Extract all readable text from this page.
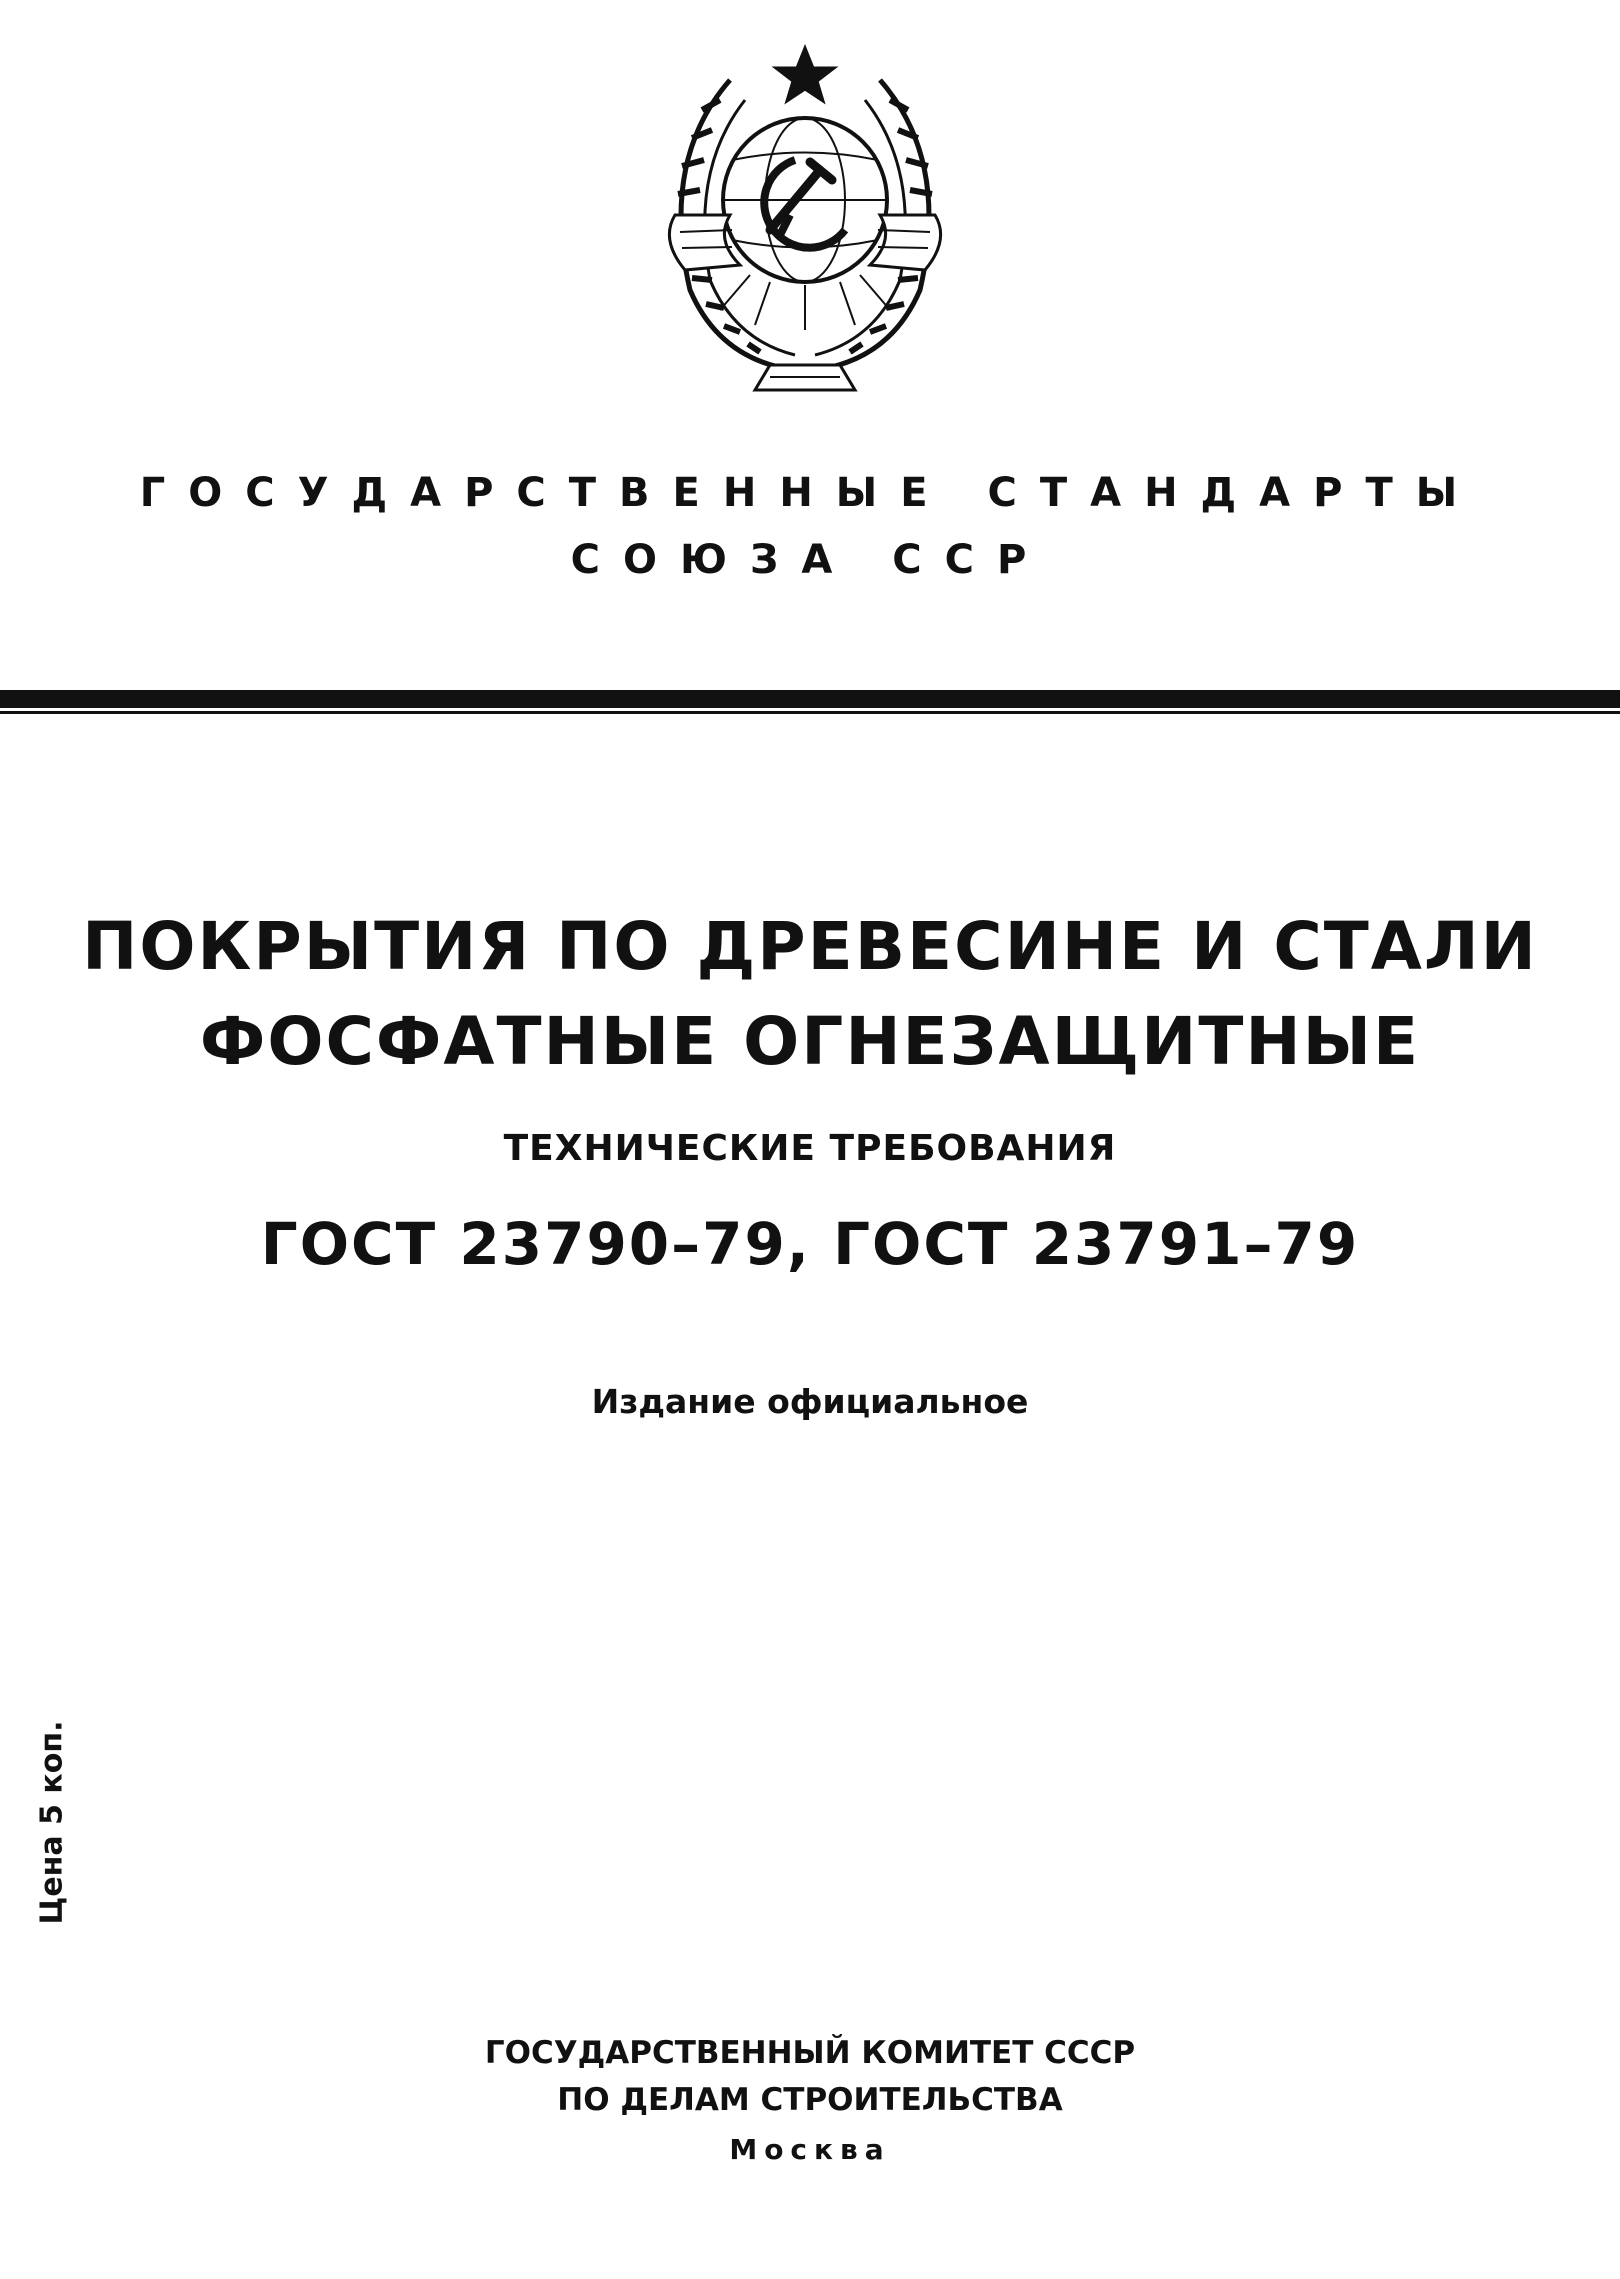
ГОСУДАРСТВЕННЫЕ СТАНДАРТЫ
СОЮЗА ССР
ПОКРЫТИЯ ПО ДРЕВЕСИНЕ И СТАЛИ
ФОСФАТНЫЕ ОГНЕЗАЩИТНЫЕ
ТЕХНИЧЕСКИЕ ТРЕБОВАНИЯ
ГОСТ 23790–79, ГОСТ 23791–79
Издание официальное
Цена 5 коп.
ГОСУДАРСТВЕННЫЙ КОМИТЕТ СССР
ПО ДЕЛАМ СТРОИТЕЛЬСТВА
Москва
